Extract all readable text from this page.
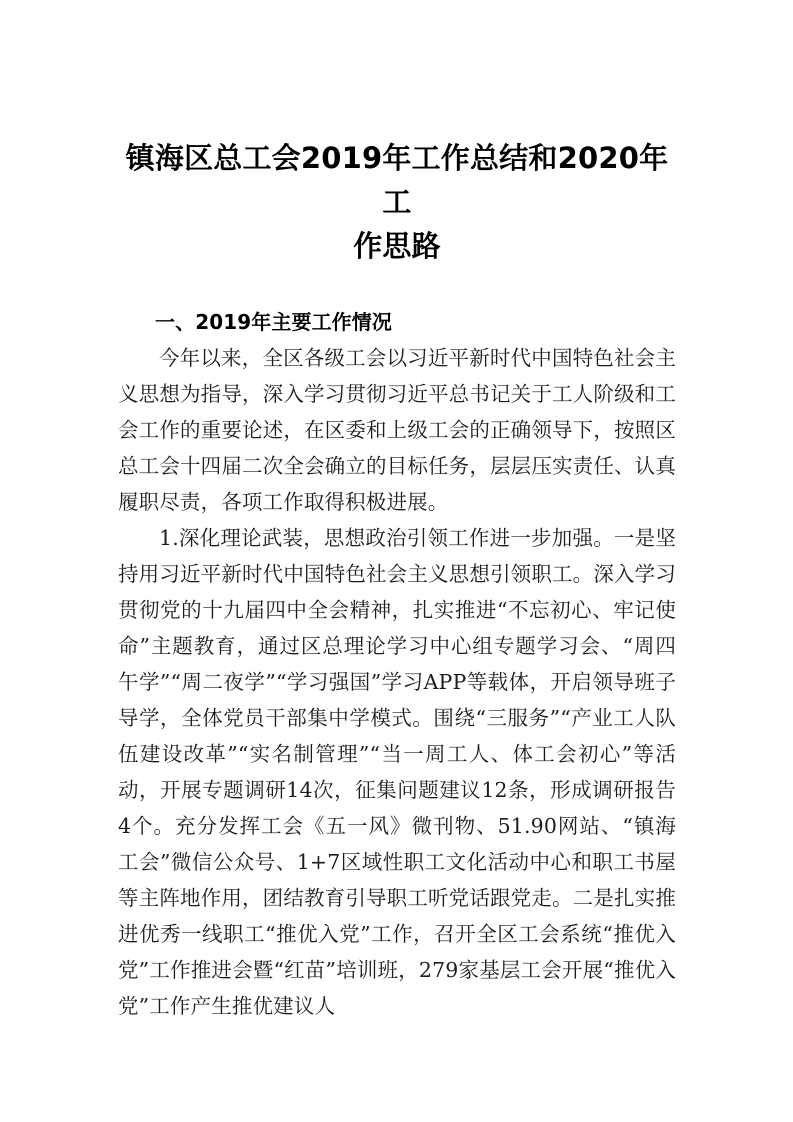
镇海区总工会2019年工作总结和2020年工
作思路
一、2019年主要工作情况

今年以来，全区各级工会以习近平新时代中国特色社会主义思想为指导，深入学习贯彻习近平总书记关于工人阶级和工会工作的重要论述，在区委和上级工会的正确领导下，按照区总工会十四届二次全会确立的目标任务，层层压实责任、认真履职尽责，各项工作取得积极进展。

1.深化理论武装，思想政治引领工作进一步加强。一是坚持用习近平新时代中国特色社会主义思想引领职工。深入学习贯彻党的十九届四中全会精神，扎实推进“不忘初心、牢记使命”主题教育，通过区总理论学习中心组专题学习会、“周四午学”“周二夜学”“学习强国”学习APP等载体，开启领导班子导学，全体党员干部集中学模式。围绕“三服务”“产业工人队伍建设改革”“实名制管理”“当一周工人、体工会初心”等活动，开展专题调研14次，征集问题建议12条，形成调研报告4个。充分发挥工会《五一风》微刊物、51.90网站、“镇海工会”微信公众号、1+7区域性职工文化活动中心和职工书屋等主阵地作用，团结教育引导职工听党话跟党走。二是扎实推进优秀一线职工“推优入党”工作，召开全区工会系统“推优入党”工作推进会暨“红苗”培训班，279家基层工会开展“推优入党”工作产生推优建议人
